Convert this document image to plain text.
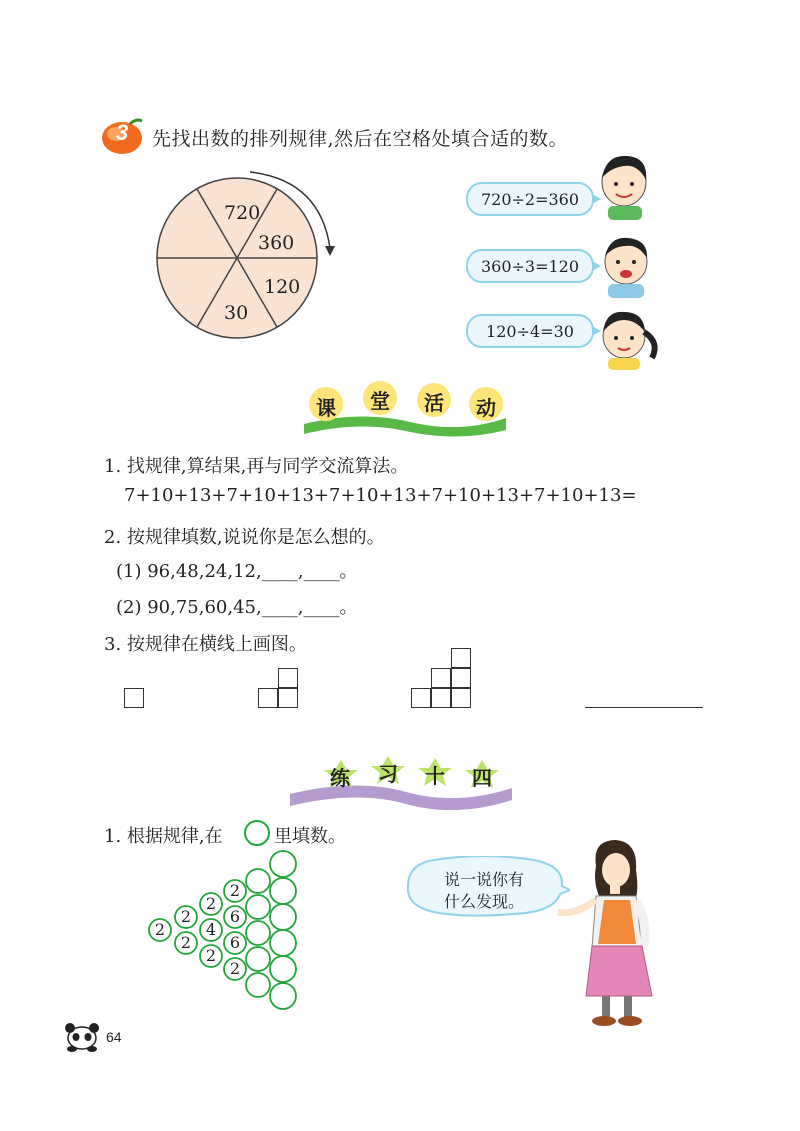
3 先找出数的排列规律,然后在空格处填合适的数。
720
360
120
30
720÷2=360
360÷3=120
120÷4=30
课 堂 活 动
1. 找规律,算结果,再与同学交流算法。
7+10+13+7+10+13+7+10+13+7+10+13+7+10+13=
2. 按规律填数,说说你是怎么想的。
(1) 96,48,24,12,____,____。
(2) 90,75,60,45,____,____。
3. 按规律在横线上画图。
练 习 十 四
1. 根据规律,在	里填数。
2
2
2
2
2
2
4
6
6
2
说一说你有
什么发现。
64
